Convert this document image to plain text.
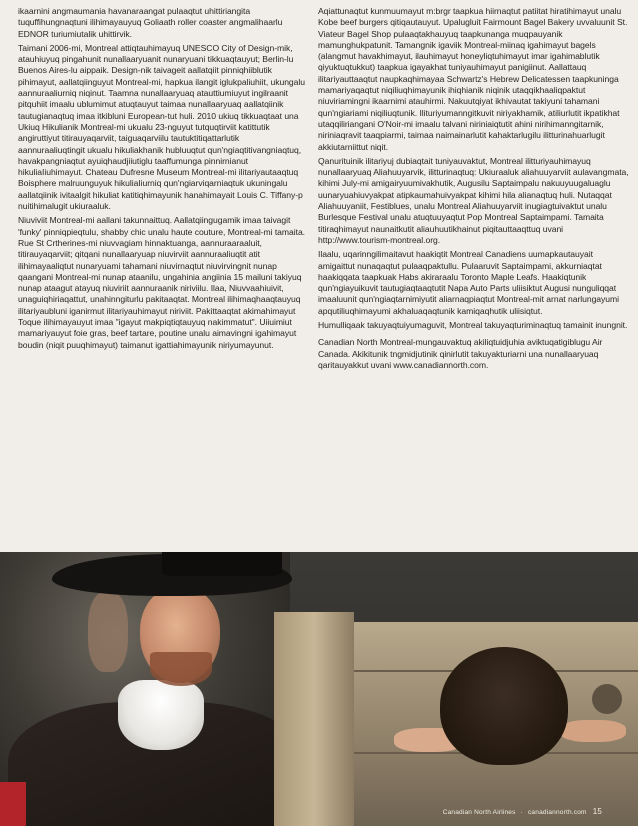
ikaarnini angmaumania havanaraangat pulaaqtut uhittiriangita tuquffihungnaqtuni ilihimayauyuq Goliaath roller coaster angmalihaarlu EDNOR turiumiutalik uhittirvik.

Taimani 2006-mi, Montreal attiqtauhimayuq UNESCO City of Design-mik, atauhiuyuq pingahunit nunallaaryuanit nunaryuani tikkuaqtauyut; Berlin-lu Buenos Aires-lu aippaik. Design-nik taivageit aallatqiit pinniqhiiblutik pihimayut, aallatqiinguyut Montreal-mi, hapkua ilangit iglukpaliuhiit, ukungalu aannuraaliurniq niqinut. Taamna nunallaaryuaq atauttiumiuyut ingilraanit pitquhiit imaalu ublumimut atuqtauyut taimaa nunallaaryuaq aallatqiinik tautugianaqtuq imaa itkibluni European-tut huli. 2010 ukiuq tikkuaqtaat una Ukiuq Hikulianik Montreal-mi ukualu 23-nguyut tutquqtirviit katittutik angiruttiyut titirauyaqarviit, taiguaqarviilu tautuktitiqattarlutik aannuraaliuqtingit ukualu hikuliakhanik hubluuqtut qun'ngiaqtitivangniaqtuq, havakpangniaqtut ayuiqhaudjiiutiglu taaffumunga pinnirnianut hikuliaIiuhimayut. Chateau Dufresne Museum Montreal-mi ilitariyautaaqtuq Boisphere malruunguyuk hikuliaIiurniq qun'ngiarviqarniaqtuk ukuningalu aallatqiinik ivitaalgit hikuliat katitiqhimayunik hanahimayait Louis C. Tiffany-p nuitihimalugit ukiuraaluk.

Niuviviit Montreal-mi aallani takunnaittuq. Aallatqiingugamik imaa taivagit 'funky' pinniqpieqtulu, shabby chic unalu haute couture, Montreal-mi tamaita. Rue St Crtherines-mi niuvvagiam hinnaktuanga, aannuraaraaluit, titirauyaqarviit; qitqani nunallaaryuap niuvirviit aannuraaliuqtit atit ilihimayaaliqtut nunaryuami tahamani niuvirnaqtut niuvirvingnit nunap qaangani Montreal-mi nunap ataanilu, ungahinia angiinia 15 mailuni takiyuq nunap ataagut atayuq niuviriit aannuraanik niriviilu. Ilaa, Niuvvaahiuivit, unaguiqhiriaqattut, unahinngiturlu pakitaaqtat. Montreal ilihimaqhaaqtauyuq ilitariyaubluni iganirmut ilitariyauhimayut niriviit. Pakittaaqtat akimahimayut Toque ilihimayauyut imaa "igayut makpiqtiqtauyuq nakimmatut". Uiiuimiut mamariyauyut foie gras, beef tartare, poutine unalu aimavingni igahimayut boudin (niqit puuqhimayut) taimanut igattiahimayunik niriyumayunut.

Aqiattunaqtut kunmuumayut m:brgr taapkua hiirnaqtut patiitat hiratihimayut unalu Kobe beef burgers qitiqautauyut. Upalugluit Fairmount Bagel Bakery uvvaluunit St. Viateur Bagel Shop pulaaqtakhauyuq taapkunanga muqpauyanik mamunghukpatunit. Tamangnik igaviik Montreal-miinaq igahimayut bagels (alangmut havakhimayut, ilauhimayut honeyliqtuhimayut imar igahimablutik qiyuktuqtukkut) taapkua igayakhat tuniyauhimayut panigiinut. Aallattauq ilitariyauttaaqtut naupkaqhimayaa Schwartz's Hebrew Delicatessen taapkuninga mamariyaqaqtut niqiliuqhimayunik ihiqhianik niqinik utaqqikhaaliqpaktut niuviriamingni ikaarnimi atauhirmi. Nakuutqiyat ikhivautat takiyuni tahamani qun'ngiariami niqiliuqtunik. Ilituriyumanngitkuvit niriyakhamik, atiliurlutit ikpatikhat utaqqiliriangani O'Noir-mi imaalu talvani niriniaiqtutit ahini nirihimanngitarnik, niriniaqravit taaqpiarmi, taimaa naimainarlutit kahaktarlugilu ilitturinahuarlugit akkiutarniittut niqit.

Qanurituinik ilitariyuj dubiaqtait tuniyauvaktut, Montreal ilitturiyauhimayuq nunallaaryuaq Aliahuuyarvik, ilitturinaqtuq: Ukiuraaluk aliahuuyarviit aulavangmata, kihimi July-mi amigairyuumivakhutik, Augusilu Saptaimpalu nakuuyuugaluaglu uunaryuahiuvyakpat atipkaumahuivyakpat kihimi hila alianaqtuq huli. Nutaqqat Aliahuuyaniit, Festiblues, unalu Montreal Aliahuuyarviit inugiagtuivaktut unalu Burlesque Festival unalu atuqtuuyaqtut Pop Montreal Saptaimpami. Tamaita titiraqhimayut naunaitkutit aliauhuutikhainut piqitauttaaqttuq uvani http://www.tourism-montreal.org.

Ilaalu, uqarinngilimaitavut haakiqtit Montreal Canadiens uumapkautauyait amigaittut nunaqaqtut pulaaqpaktullu. Pulaaruvit Saptaimpami, akkurniaqtat haakiqqata taapkuak Habs akiraraalu Toronto Maple Leafs. Haakiqtunik qun'ngiayuikuvit tautugiaqtaaqtutit Napa Auto Parts uliisiktut Augusi nunguliqqat imaaluunit qun'ngiaqtarnimiyutit aliarnaqpiaqtut Montreal-mit arnat narlungayumi apqutiliuqhimayumi akhaluaqaqtunik kamiqaqhutik uliisiqtut.

Humulliqaak takuyaqtuiyumaguvit, Montreal takuyaqturiminaqtuq tamainit inungnit.

Canadian North Montreal-mungauvaktuq akiliqtuidjuhia aviktuqatigiblugu Air Canada. Akikitunik tngmidjutinik qinirlutit takuyakturiarni una nunallaaryuaq qaritauyakkut uvani www.canadiannorth.com.

Canadian North Airlines · canadiannorth.com 15
